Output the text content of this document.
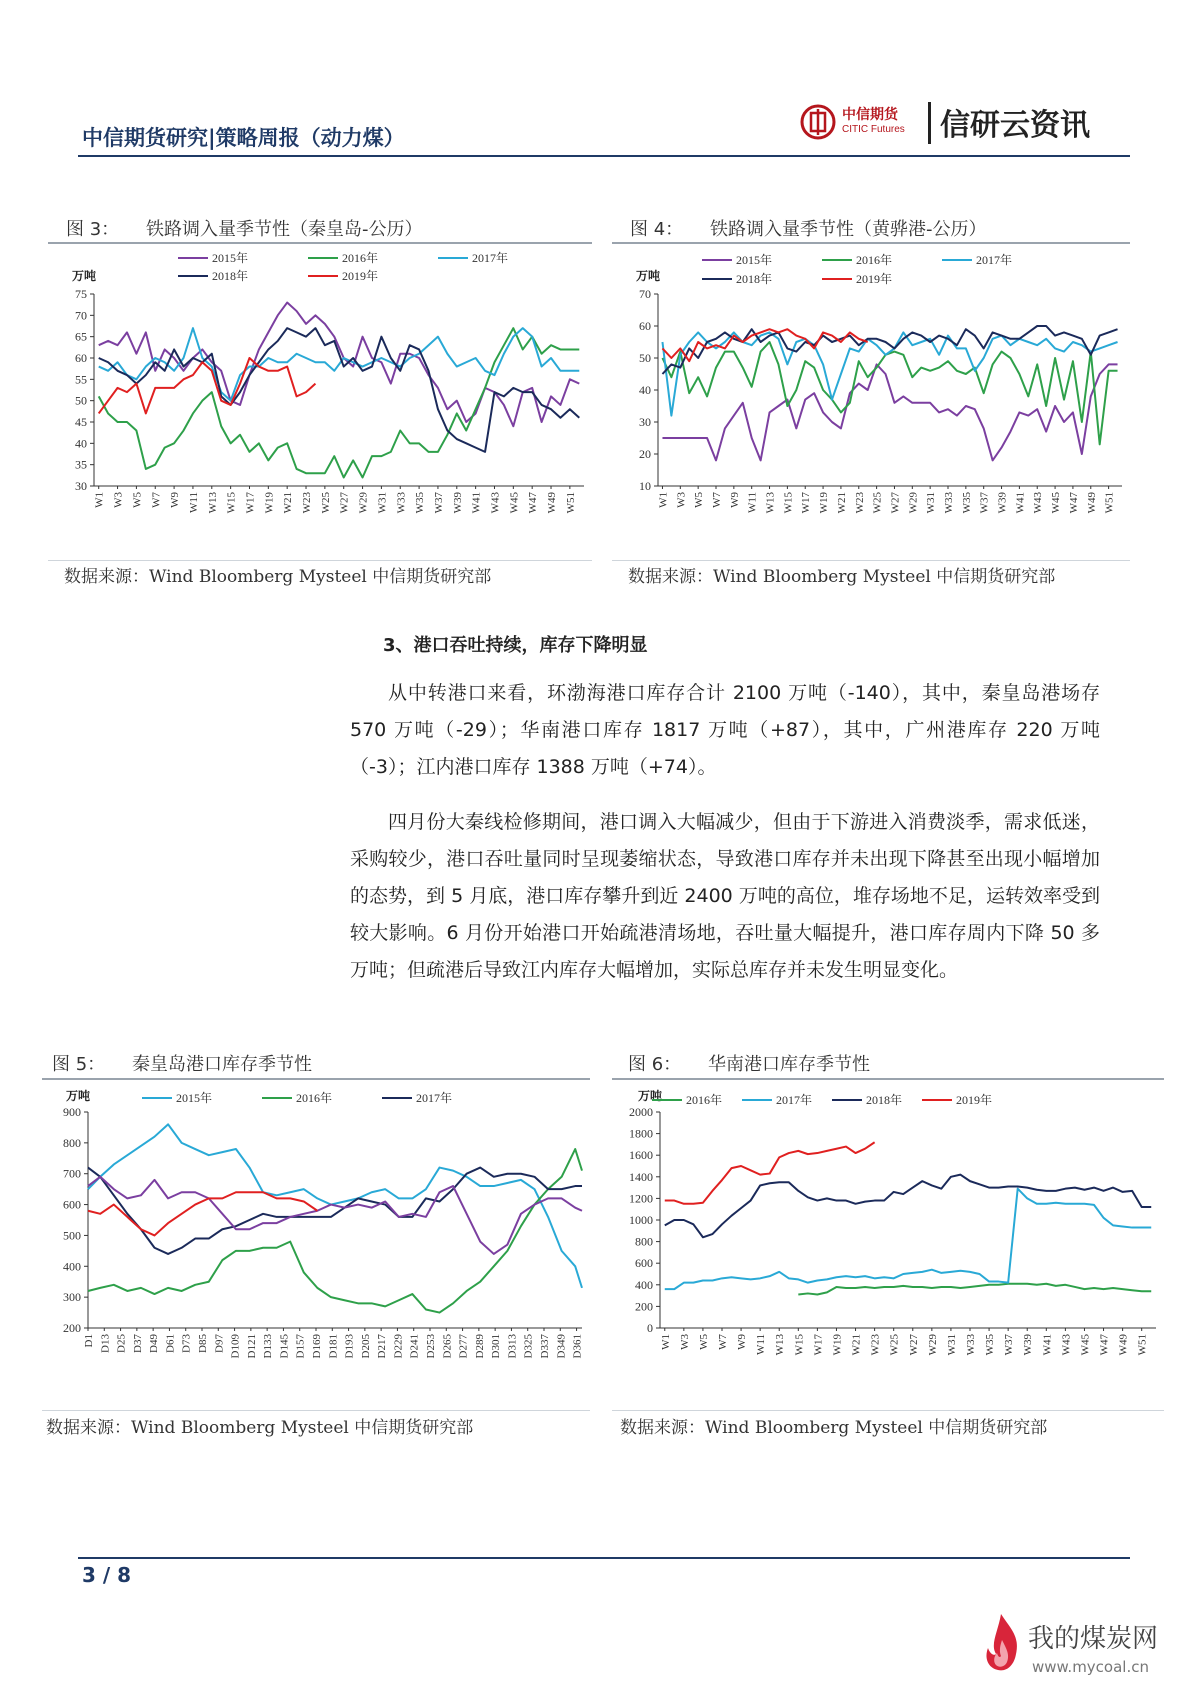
中信期货研究|策略周报（动力煤）
中信期货
CITIC Futures 信研云资讯
图 3： 铁路调入量季节性（秦皇岛-公历）
30
35
40
45
50
55
60
65
70
75
万吨
W1 W3 W5 W7 W9 W11 W13 W15 W17 W19 W21 W23 W25 W27 W29 W31 W33 W35 W37 W39 W41 W43 W45 W47 W49 W51
2015年	2016年	2017年
2018年	2019年
数据来源：Wind Bloomberg Mysteel 中信期货研究部
图 4： 铁路调入量季节性（黄骅港-公历）
10
20
30
40
50
60
70
万吨
W1 W3 W5 W7 W9 W11 W13 W15 W17 W19 W21 W23 W25 W27 W29 W31 W33 W35 W37 W39 W41 W43 W45 W47 W49 W51
2015年	2016年	2017年
2018年	2019年
数据来源：Wind Bloomberg Mysteel 中信期货研究部
3、港口吞吐持续，库存下降明显

从中转港口来看，环渤海港口库存合计 2100 万吨（-140），其中，秦皇岛港场存 570 万吨（-29）；华南港口库存 1817 万吨（+87），其中，广州港库存 220 万吨（-3）；江内港口库存 1388 万吨（+74）。

四月份大秦线检修期间，港口调入大幅减少，但由于下游进入消费淡季，需求低迷，采购较少，港口吞吐量同时呈现萎缩状态，导致港口库存并未出现下降甚至出现小幅增加的态势，到 5 月底，港口库存攀升到近 2400 万吨的高位，堆存场地不足，运转效率受到较大影响。6 月份开始港口开始疏港清场地，吞吐量大幅提升，港口库存周内下降 50 多万吨；但疏港后导致江内库存大幅增加，实际总库存并未发生明显变化。

图 5： 秦皇岛港口库存季节性
200
300
400
500
600
700
800
900
万吨
D1 D13 D25 D37 D49 D61 D73 D85 D97 D109 D121 D133 D145 D157 D169 D181 D193 D205 D217 D229 D241 D253 D265 D277 D289 D301 D313 D325 D337 D349 D361
2015年	2016年	2017年
数据来源：Wind Bloomberg Mysteel 中信期货研究部
图 6： 华南港口库存季节性
0
200
400
600
800
1000
1200
1400
1600
1800
2000
万吨
W1 W3 W5 W7 W9 W11 W13 W15 W17 W19 W21 W23 W25 W27 W29 W31 W33 W35 W37 W39 W41 W43 W45 W47 W49 W51
2016年	2017年	2018年	2019年
数据来源：Wind Bloomberg Mysteel 中信期货研究部
3 / 8
我的煤炭网
www.mycoal.cn
